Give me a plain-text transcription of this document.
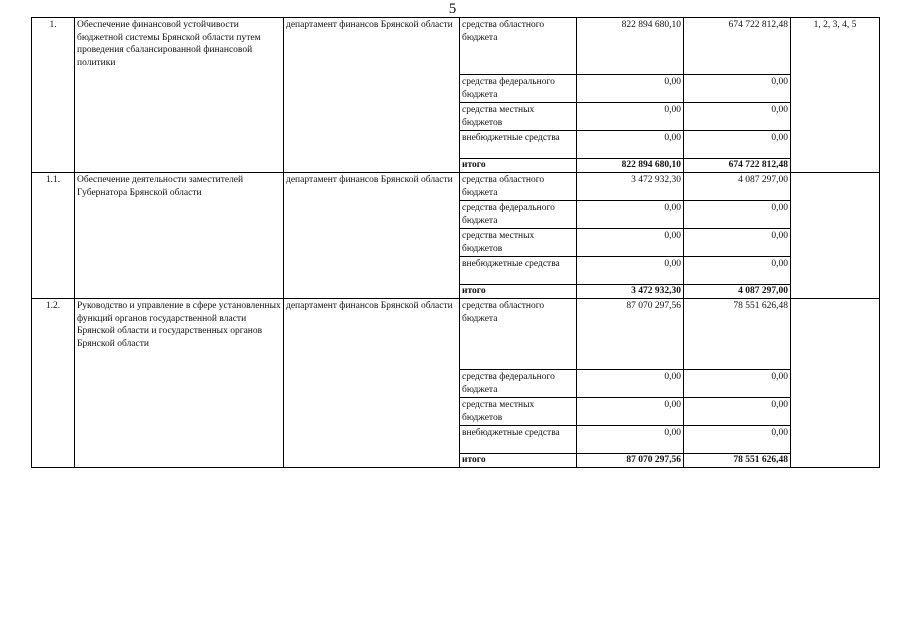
5
1.	Обеспечение финансовой устойчивости бюджетной системы Брянской области путем проведения сбалансированной финансовой политики	департамент финансов Брянской области	средства областного бюджета	822 894 680,10	674 722 812,48	1, 2, 3, 4, 5
			средства федерального бюджета	0,00	0,00	
			средства местных бюджетов	0,00	0,00	
			внебюджетные средства	0,00	0,00	
			итого	822 894 680,10	674 722 812,48	
1.1.	Обеспечение деятельности заместителей Губернатора Брянской области	департамент финансов Брянской области	средства областного бюджета	3 472 932,30	4 087 297,00	
			средства федерального бюджета	0,00	0,00	
			средства местных бюджетов	0,00	0,00	
			внебюджетные средства	0,00	0,00	
			итого	3 472 932,30	4 087 297,00	
1.2.	Руководство и управление в сфере установленных функций органов государственной власти Брянской области и государственных органов Брянской области	департамент финансов Брянской области	средства областного бюджета	87 070 297,56	78 551 626,48	
			средства федерального бюджета	0,00	0,00	
			средства местных бюджетов	0,00	0,00	
			внебюджетные средства	0,00	0,00	
			итого	87 070 297,56	78 551 626,48	
